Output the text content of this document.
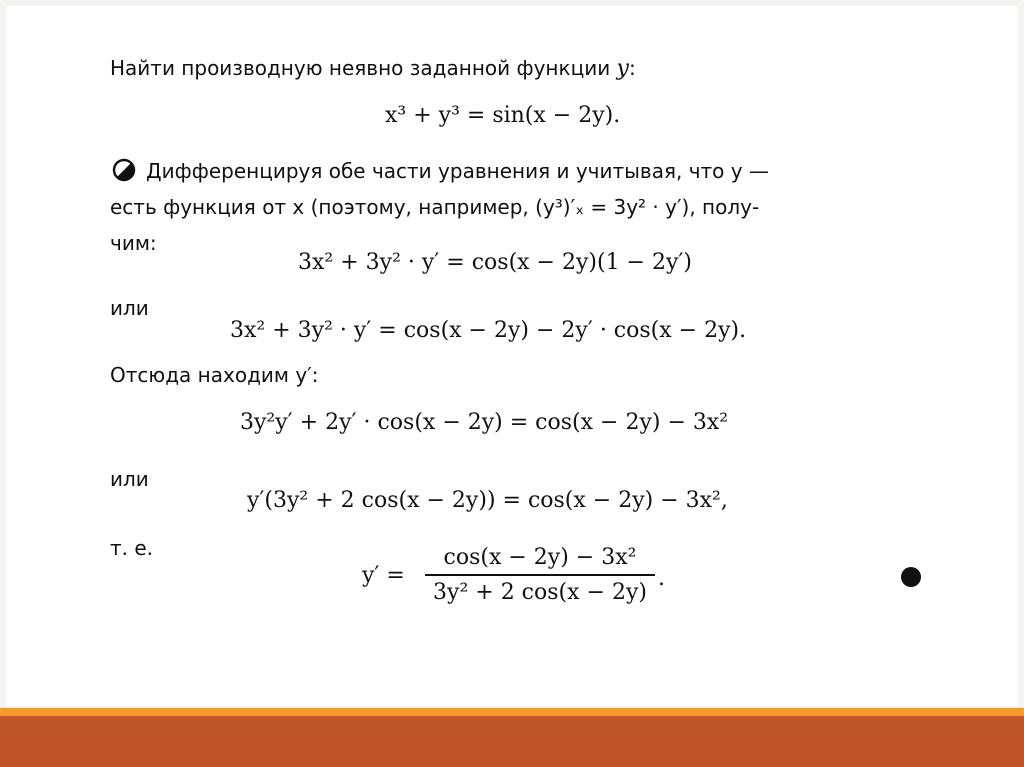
Найти производную неявно заданной функции y:
x³ + y³ = sin(x − 2y).
Дифференцируя обе части уравнения и учитывая, что y —
есть функция от x (поэтому, например, (y³)′ₓ = 3y² · y′), полу-
чим:
3x² + 3y² · y′ = cos(x − 2y)(1 − 2y′)
или
3x² + 3y² · y′ = cos(x − 2y) − 2y′ · cos(x − 2y).
Отсюда находим y′:
3y²y′ + 2y′ · cos(x − 2y) = cos(x − 2y) − 3x²
или
y′(3y² + 2 cos(x − 2y)) = cos(x − 2y) − 3x²,
т. е.
y′ =
cos(x − 2y) − 3x²
3y² + 2 cos(x − 2y)
.
